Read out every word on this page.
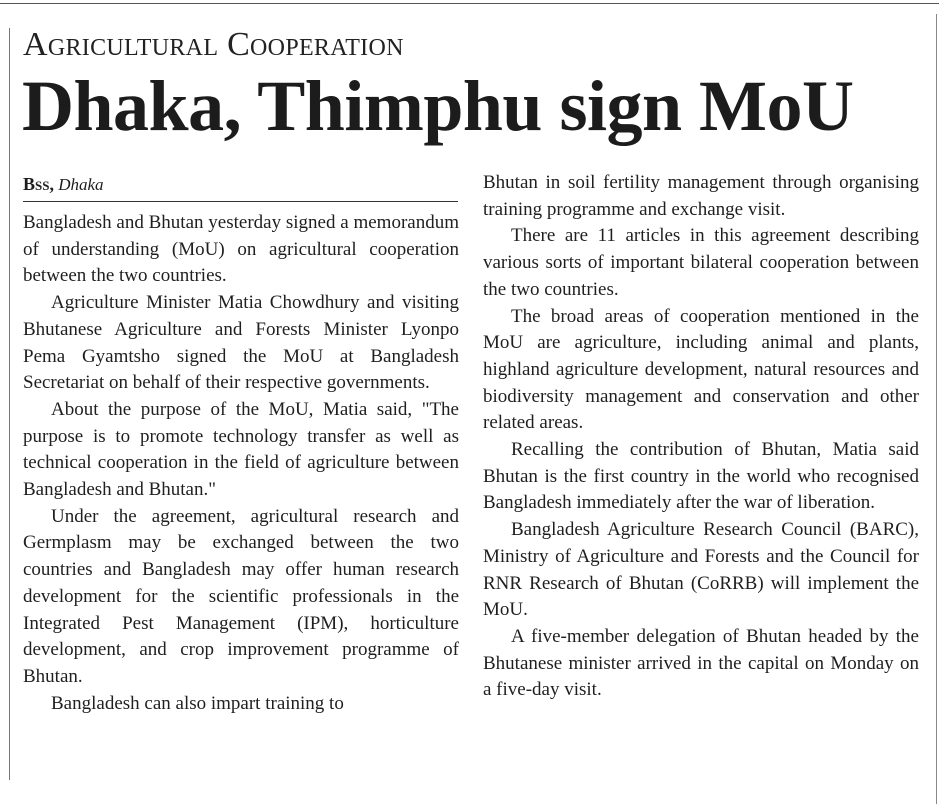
Agricultural Cooperation
Dhaka, Thimphu sign MoU
Bss, Dhaka

Bangladesh and Bhutan yesterday signed a memorandum of understanding (MoU) on agricultural cooperation between the two countries.

Agriculture Minister Matia Chowdhury and visiting Bhutanese Agriculture and Forests Minister Lyonpo Pema Gyamtsho signed the MoU at Bangladesh Secretariat on behalf of their respective governments.

About the purpose of the MoU, Matia said, "The purpose is to promote technology transfer as well as technical cooperation in the field of agriculture between Bangladesh and Bhutan."

Under the agreement, agricultural research and Germplasm may be exchanged between the two countries and Bangladesh may offer human research development for the scientific professionals in the Integrated Pest Management (IPM), horticulture development, and crop improvement programme of Bhutan.

Bangladesh can also impart training to

Bhutan in soil fertility management through organising training programme and exchange visit.

There are 11 articles in this agreement describing various sorts of important bilateral cooperation between the two countries.

The broad areas of cooperation mentioned in the MoU are agriculture, including animal and plants, highland agriculture development, natural resources and biodiversity management and conservation and other related areas.

Recalling the contribution of Bhutan, Matia said Bhutan is the first country in the world who recognised Bangladesh immediately after the war of liberation.

Bangladesh Agriculture Research Council (BARC), Ministry of Agriculture and Forests and the Council for RNR Research of Bhutan (CoRRB) will implement the MoU.

A five-member delegation of Bhutan headed by the Bhutanese minister arrived in the capital on Monday on a five-day visit.
